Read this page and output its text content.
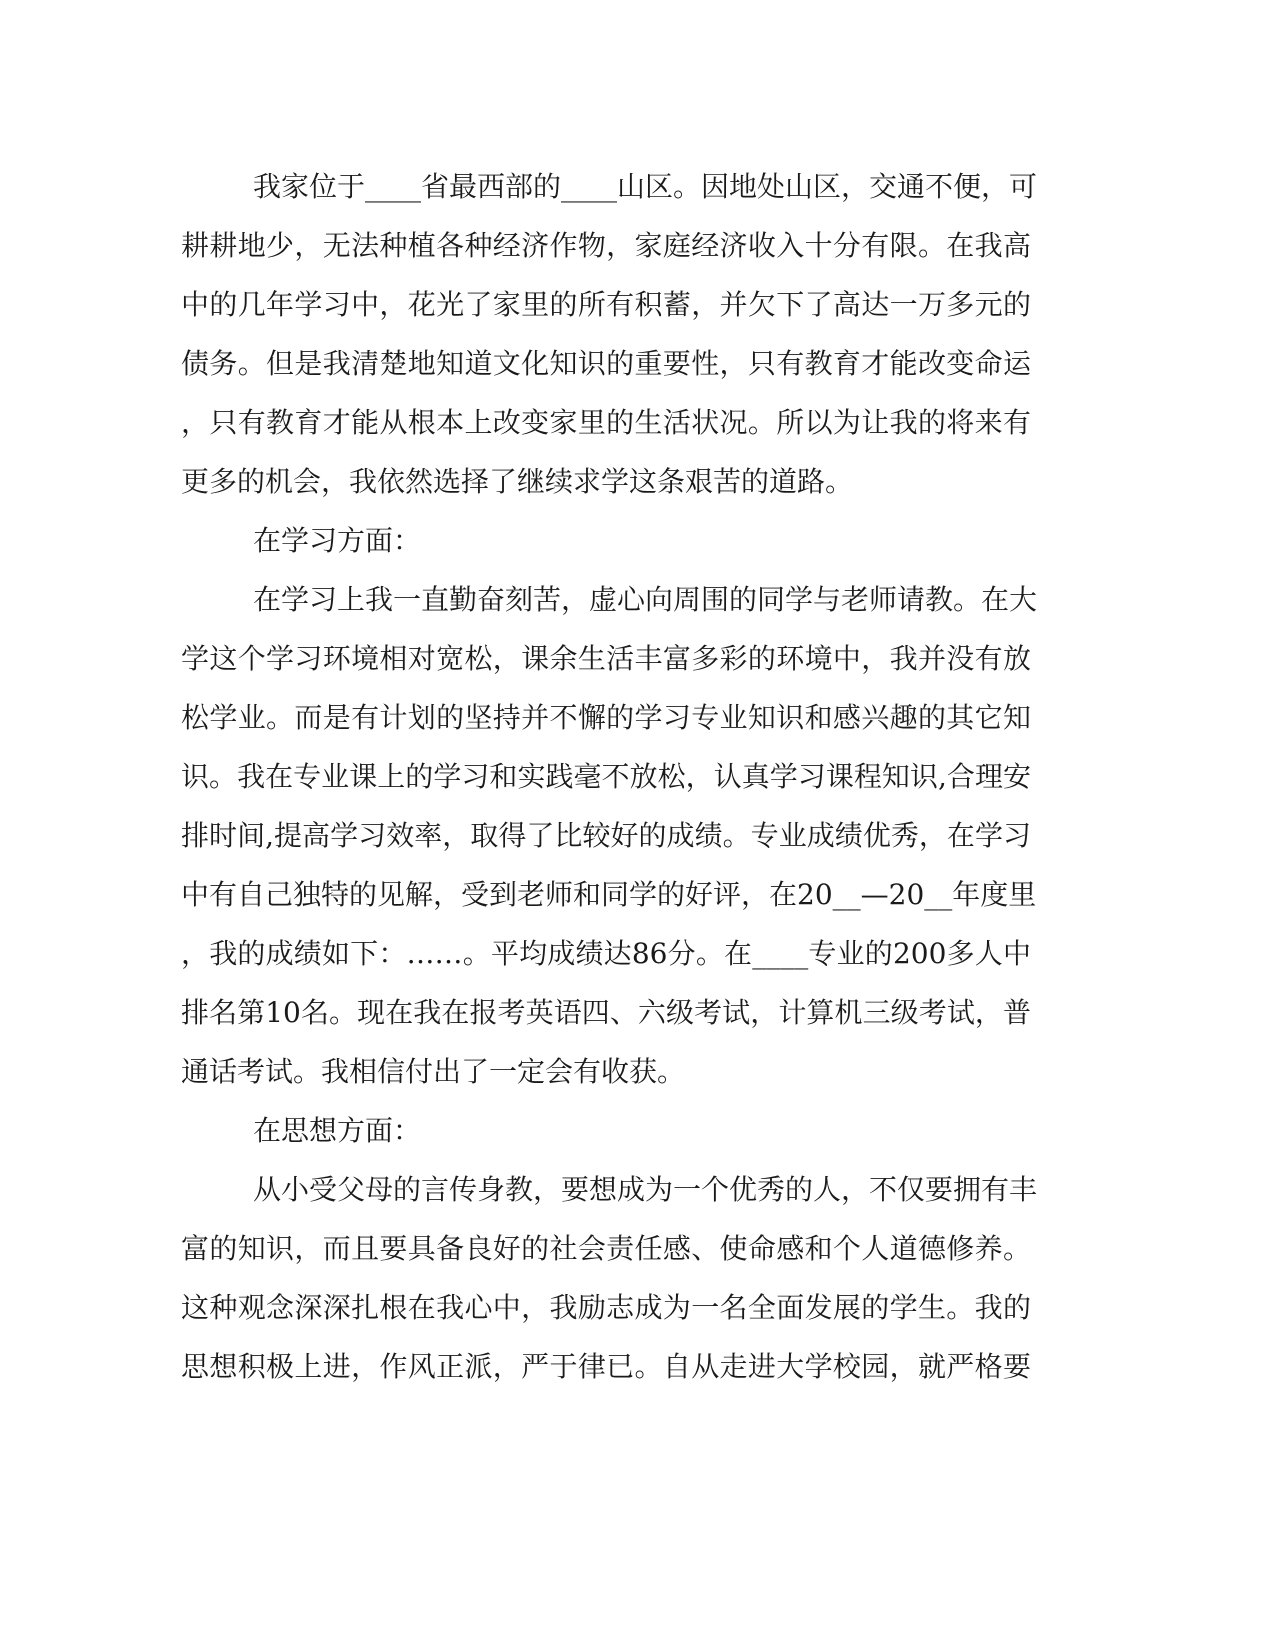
我家位于____省最西部的____山区。因地处山区，交通不便，可
耕耕地少，无法种植各种经济作物，家庭经济收入十分有限。在我高
中的几年学习中，花光了家里的所有积蓄，并欠下了高达一万多元的
债务。但是我清楚地知道文化知识的重要性，只有教育才能改变命运
，只有教育才能从根本上改变家里的生活状况。所以为让我的将来有
更多的机会，我依然选择了继续求学这条艰苦的道路。
在学习方面：
在学习上我一直勤奋刻苦，虚心向周围的同学与老师请教。在大
学这个学习环境相对宽松，课余生活丰富多彩的环境中，我并没有放
松学业。而是有计划的坚持并不懈的学习专业知识和感兴趣的其它知
识。我在专业课上的学习和实践毫不放松，认真学习课程知识,合理安
排时间,提高学习效率，取得了比较好的成绩。专业成绩优秀，在学习
中有自己独特的见解，受到老师和同学的好评，在20__—20__年度里
，我的成绩如下：……。平均成绩达86分。在____专业的200多人中
排名第10名。现在我在报考英语四、六级考试，计算机三级考试，普
通话考试。我相信付出了一定会有收获。
在思想方面：
从小受父母的言传身教，要想成为一个优秀的人，不仅要拥有丰
富的知识，而且要具备良好的社会责任感、使命感和个人道德修养。
这种观念深深扎根在我心中，我励志成为一名全面发展的学生。我的
思想积极上进，作风正派，严于律已。自从走进大学校园，就严格要
